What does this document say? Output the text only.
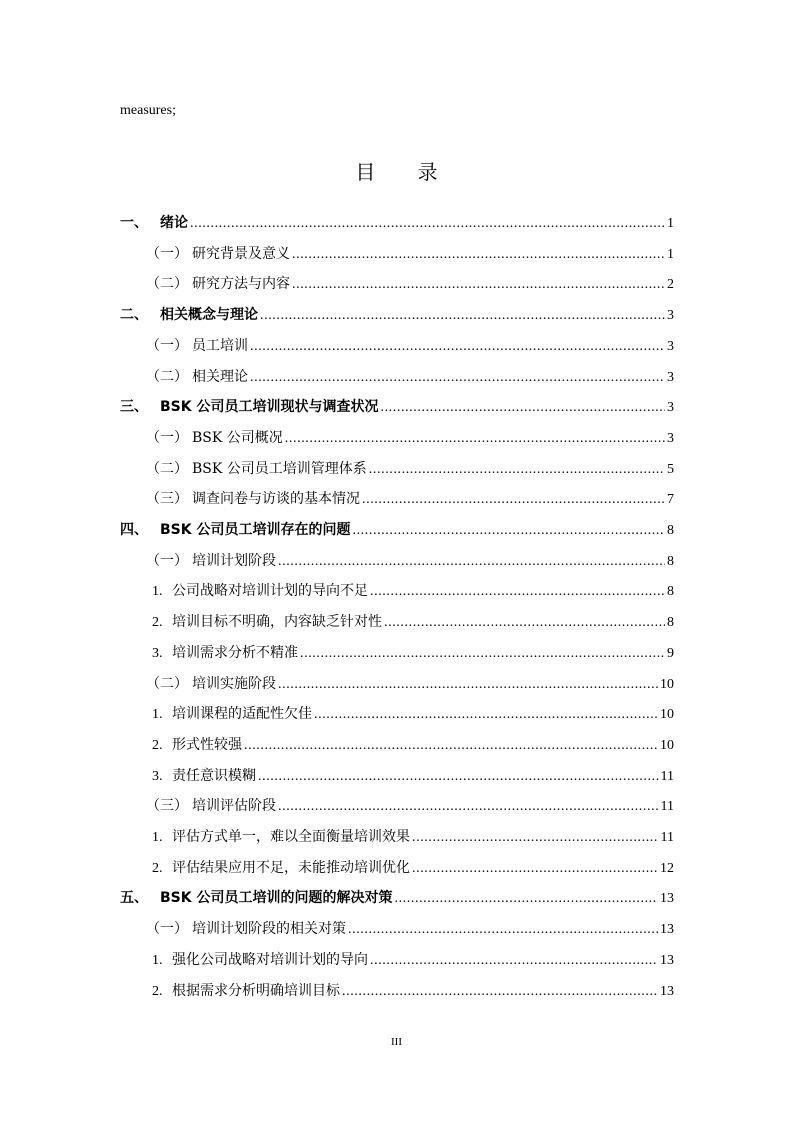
measures;
目 录
一、 绪论 .....	1
（一） 研究背景及意义 .....	1
（二） 研究方法与内容 .....	2
二、 相关概念与理论 .....	3
（一） 员工培训 .....	3
（二） 相关理论 .....	3
三、 BSK 公司员工培训现状与调查状况 .....	3
（一） BSK 公司概况 .....	3
（二） BSK 公司员工培训管理体系 .....	5
（三） 调查问卷与访谈的基本情况 .....	7
四、 BSK 公司员工培训存在的问题 .....	8
（一） 培训计划阶段 .....	8
1. 公司战略对培训计划的导向不足 .....	8
2. 培训目标不明确，内容缺乏针对性 .....	8
3. 培训需求分析不精准 .....	9
（二） 培训实施阶段 .....	10
1. 培训课程的适配性欠佳 .....	10
2. 形式性较强 .....	10
3. 责任意识模糊 .....	11
（三） 培训评估阶段 .....	11
1. 评估方式单一，难以全面衡量培训效果 .....	11
2. 评估结果应用不足，未能推动培训优化 .....	12
五、 BSK 公司员工培训的问题的解决对策 .....	13
（一） 培训计划阶段的相关对策 .....	13
1. 强化公司战略对培训计划的导向 .....	13
2. 根据需求分析明确培训目标 .....	13
III
